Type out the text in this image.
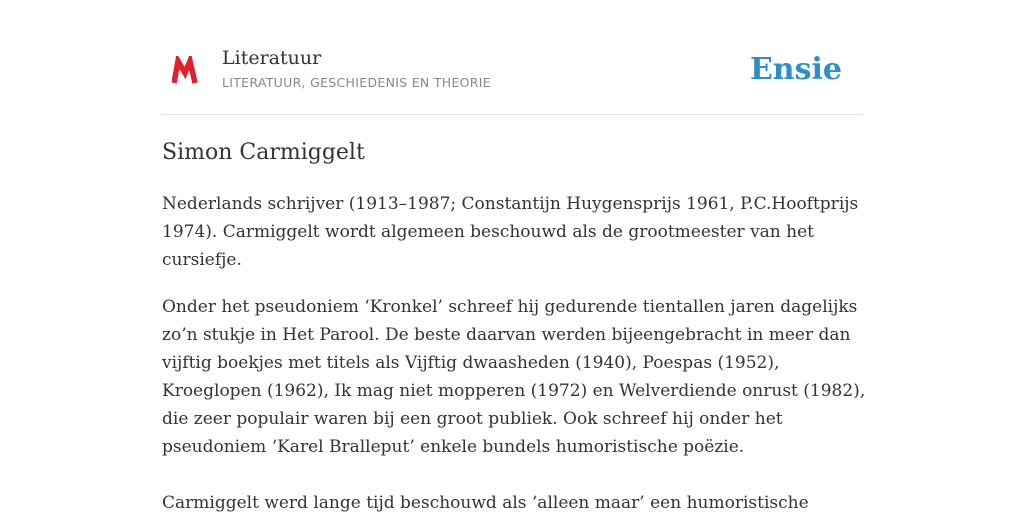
Literatuur
LITERATUUR, GESCHIEDENIS EN THEORIE	Ensie
Simon Carmiggelt
Nederlands schrijver (1913–1987; Constantijn Huygensprijs 1961, P.C.Hooftprijs
1974). Carmiggelt wordt algemeen beschouwd als de grootmeester van het
cursiefje.
Onder het pseudoniem ‘Kronkel’ schreef hij gedurende tientallen jaren dagelijks
zo’n stukje in Het Parool. De beste daarvan werden bijeengebracht in meer dan
vijftig boekjes met titels als Vijftig dwaasheden (1940), Poespas (1952),
Kroeglopen (1962), Ik mag niet mopperen (1972) en Welverdiende onrust (1982),
die zeer populair waren bij een groot publiek. Ook schreef hij onder het
pseudoniem ‘Karel Bralleput’ enkele bundels humoristische poëzie.
Carmiggelt werd lange tijd beschouwd als ‘alleen maar’ een humoristische
